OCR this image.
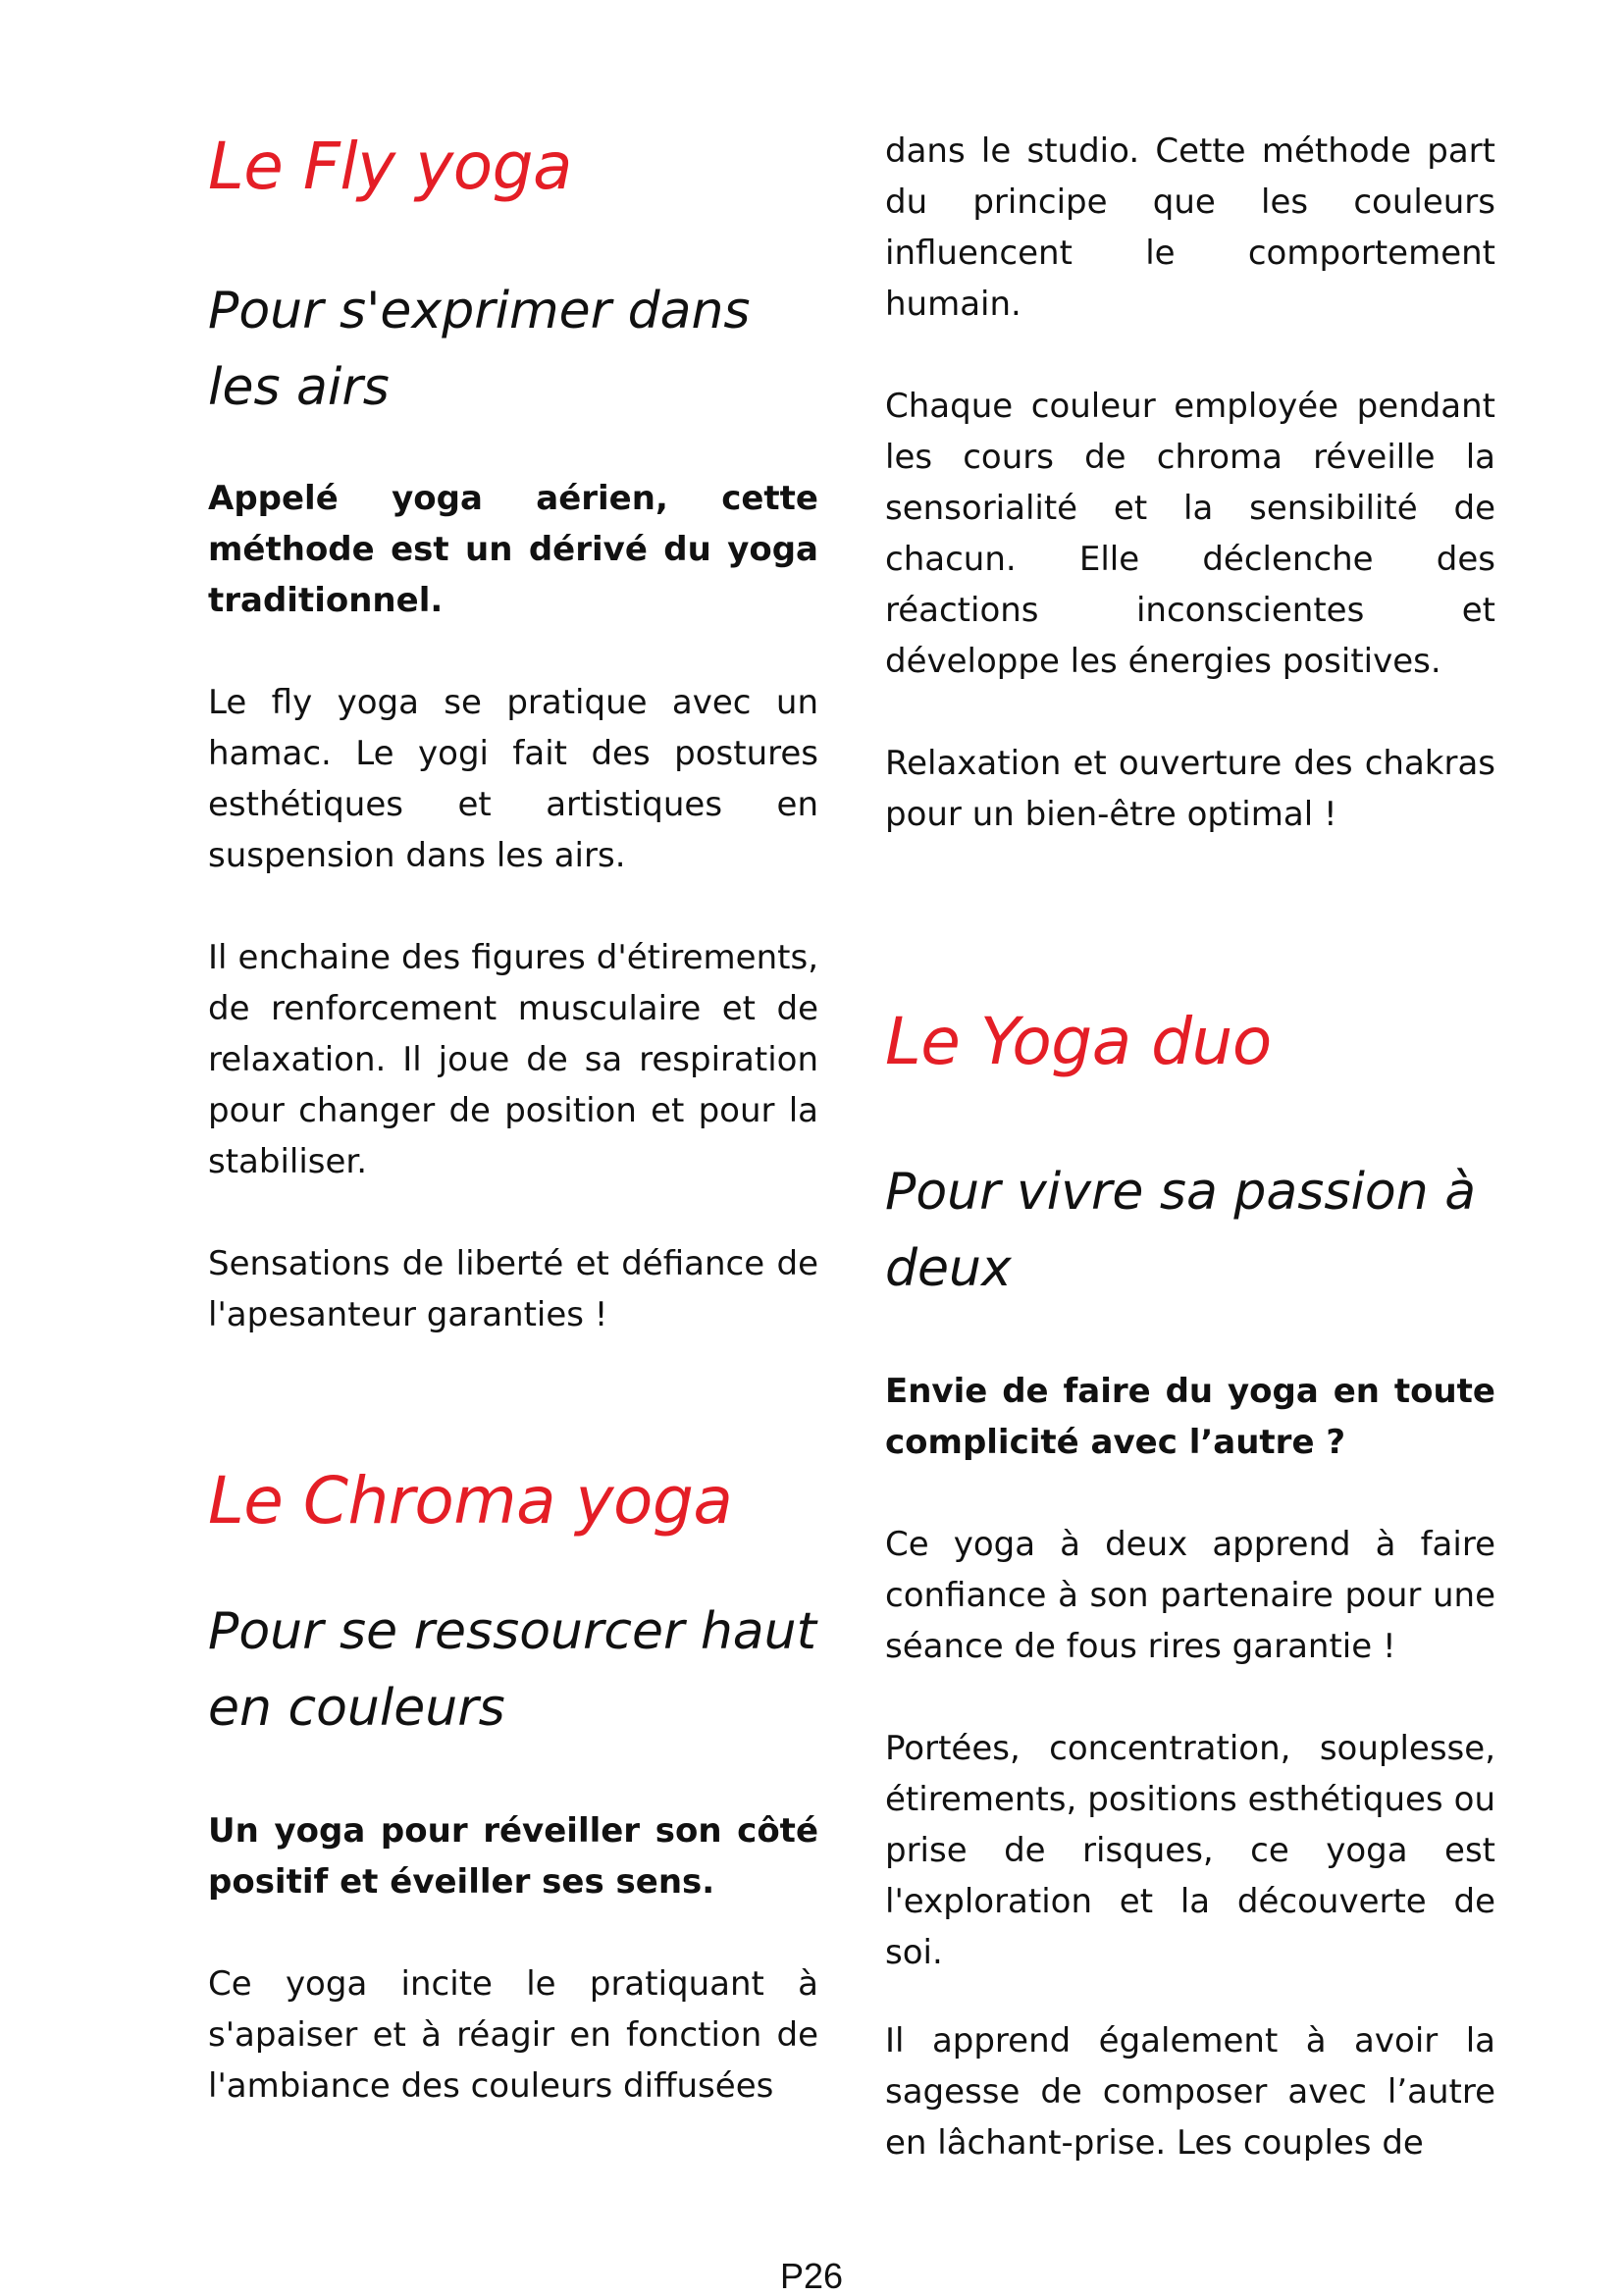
Le Fly yoga
Pour s'exprimer dans les airs

Appelé yoga aérien, cette méthode est un dérivé du yoga traditionnel.

Le fly yoga se pratique avec un hamac. Le yogi fait des postures esthétiques et artistiques en suspension dans les airs.

Il enchaine des figures d'étirements, de renforcement musculaire et de relaxation. Il joue de sa respiration pour changer de position et pour la stabiliser.

Sensations de liberté et défiance de l'apesanteur garanties !

Le Chroma yoga
Pour se ressourcer haut en couleurs

Un yoga pour réveiller son côté positif et éveiller ses sens.

Ce yoga incite le pratiquant à s'apaiser et à réagir en fonction de l'ambiance des couleurs diffusées

dans le studio. Cette méthode part du principe que les couleurs influencent le comportement humain.

Chaque couleur employée pendant les cours de chroma réveille la sensorialité et la sensibilité de chacun. Elle déclenche des réactions inconscientes et développe les énergies positives.

Relaxation et ouverture des chakras pour un bien-être optimal !

Le Yoga duo
Pour vivre sa passion à deux

Envie de faire du yoga en toute complicité avec l’autre ?

Ce yoga à deux apprend à faire confiance à son partenaire pour une séance de fous rires garantie !

Portées, concentration, souplesse, étirements, positions esthétiques ou prise de risques, ce yoga est l'exploration et la découverte de soi.

Il apprend également à avoir la sagesse de composer avec l’autre en lâchant-prise. Les couples de

P26
